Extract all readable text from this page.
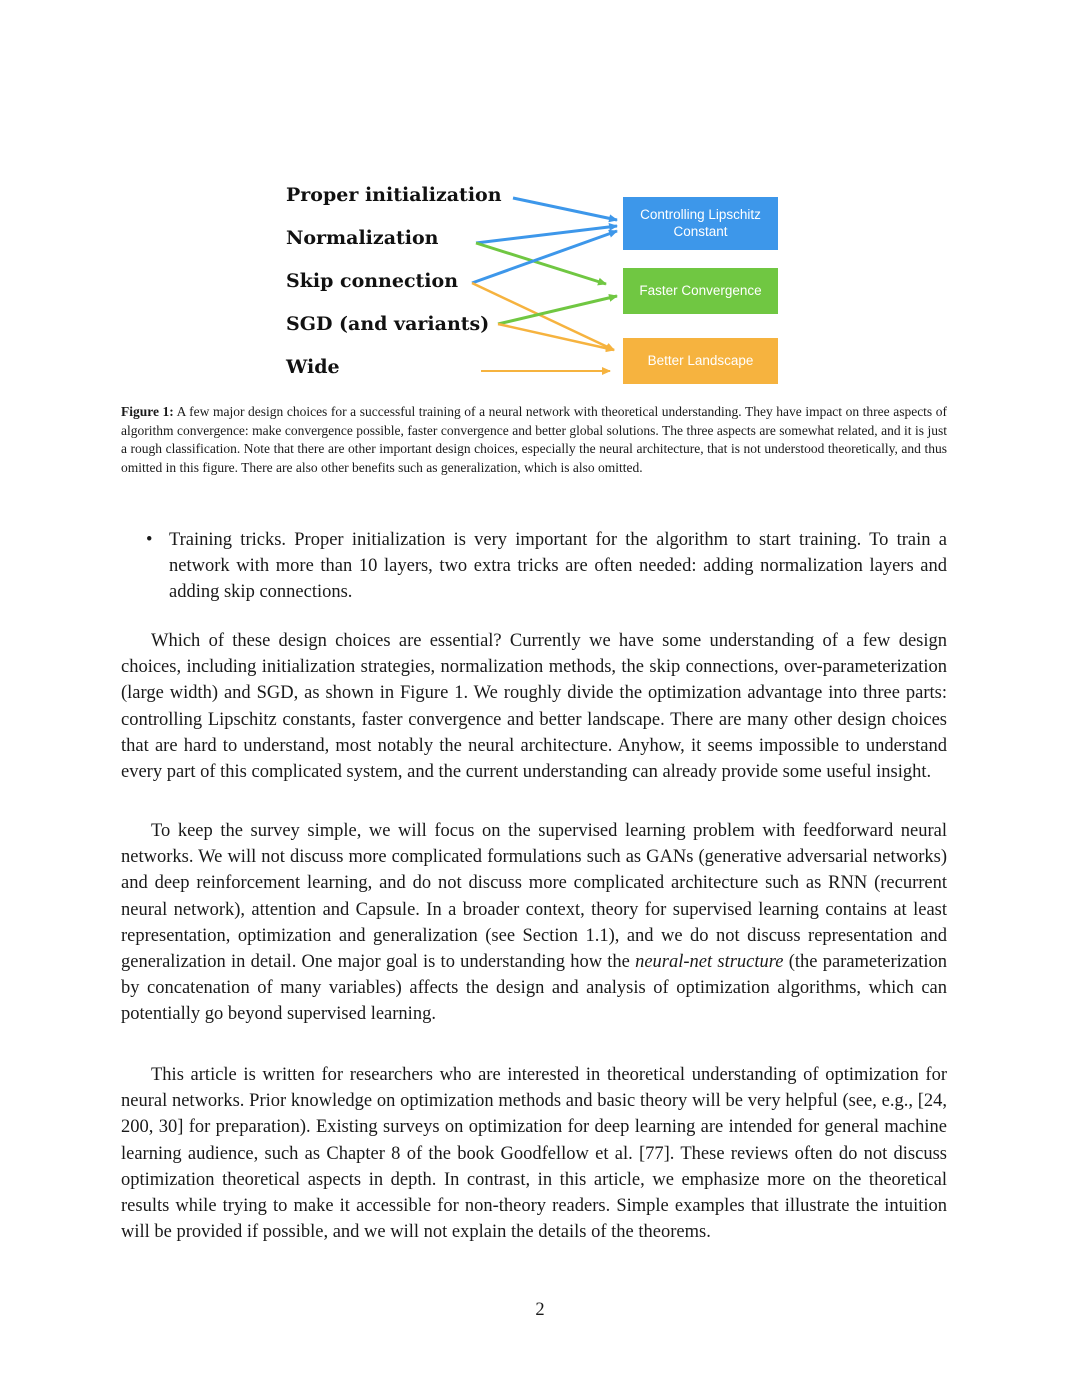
Proper initialization
Normalization
Skip connection
SGD (and variants)
Wide
Controlling Lipschitz Constant
Faster Convergence
Better Landscape
Figure 1: A few major design choices for a successful training of a neural network with theoretical understanding. They have impact on three aspects of algorithm convergence: make convergence possible, faster convergence and better global solutions. The three aspects are somewhat related, and it is just a rough classification. Note that there are other important design choices, especially the neural architecture, that is not understood theoretically, and thus omitted in this figure. There are also other benefits such as generalization, which is also omitted.
• Training tricks. Proper initialization is very important for the algorithm to start training. To train a network with more than 10 layers, two extra tricks are often needed: adding normalization layers and adding skip connections.

Which of these design choices are essential? Currently we have some understanding of a few design choices, including initialization strategies, normalization methods, the skip connections, over-parameterization (large width) and SGD, as shown in Figure 1. We roughly divide the optimization advantage into three parts: controlling Lipschitz constants, faster convergence and better landscape. There are many other design choices that are hard to understand, most notably the neural architecture. Anyhow, it seems impossible to understand every part of this complicated system, and the current understanding can already provide some useful insight.

To keep the survey simple, we will focus on the supervised learning problem with feedforward neural networks. We will not discuss more complicated formulations such as GANs (generative adversarial networks) and deep reinforcement learning, and do not discuss more complicated architecture such as RNN (recurrent neural network), attention and Capsule. In a broader context, theory for supervised learning contains at least representation, optimization and generalization (see Section 1.1), and we do not discuss representation and generalization in detail. One major goal is to understanding how the neural-net structure (the parameterization by concatenation of many variables) affects the design and analysis of optimization algorithms, which can potentially go beyond supervised learning.

This article is written for researchers who are interested in theoretical understanding of optimization for neural networks. Prior knowledge on optimization methods and basic theory will be very helpful (see, e.g., [24, 200, 30] for preparation). Existing surveys on optimization for deep learning are intended for general machine learning audience, such as Chapter 8 of the book Goodfellow et al. [77]. These reviews often do not discuss optimization theoretical aspects in depth. In contrast, in this article, we emphasize more on the theoretical results while trying to make it accessible for non-theory readers. Simple examples that illustrate the intuition will be provided if possible, and we will not explain the details of the theorems.

2
